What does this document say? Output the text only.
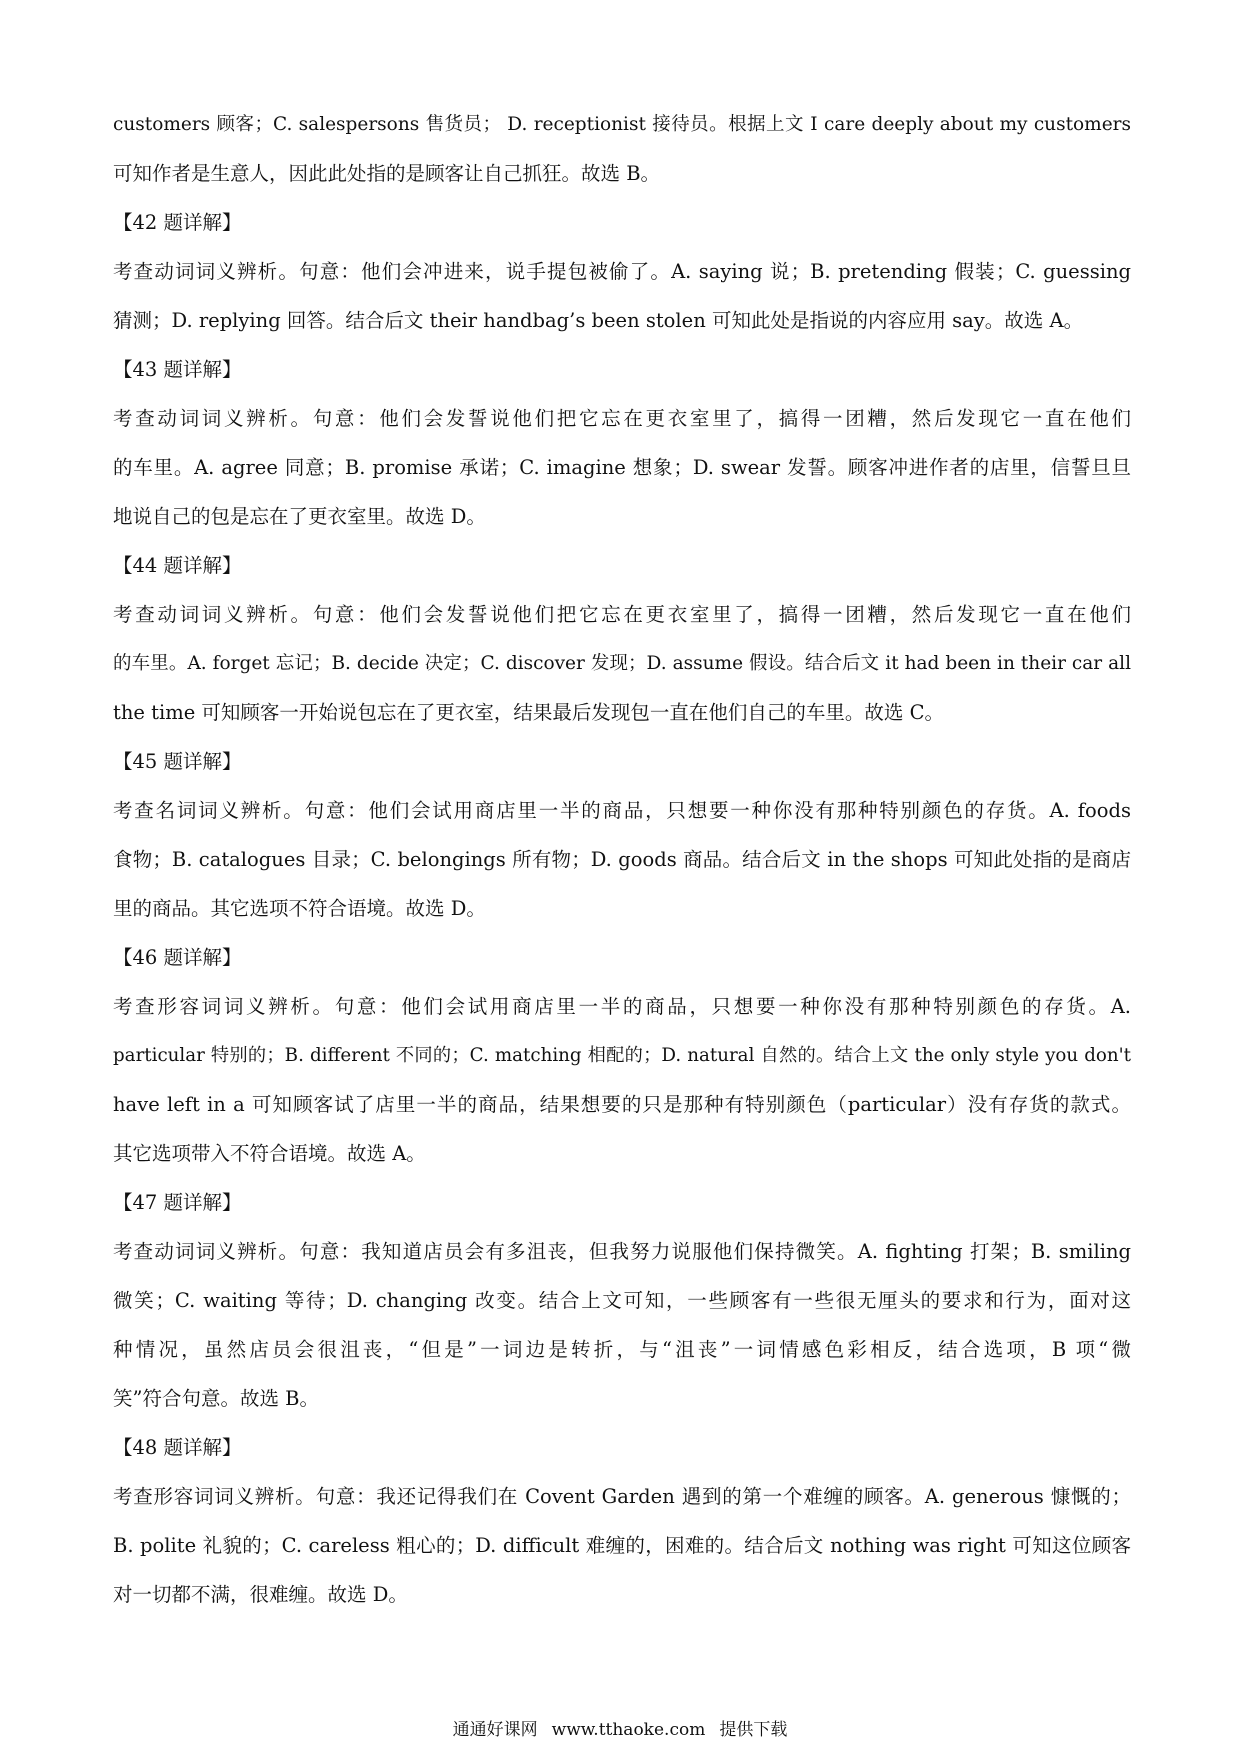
customers 顾客；C. salespersons 售货员； D. receptionist 接待员。根据上文 I care deeply about my customers
可知作者是生意人，因此此处指的是顾客让自己抓狂。故选 B。
【42 题详解】
考查动词词义辨析。句意：他们会冲进来，说手提包被偷了。A. saying 说；B. pretending 假装；C. guessing
猜测；D. replying 回答。结合后文 their handbag’s been stolen 可知此处是指说的内容应用 say。故选 A。
【43 题详解】
考查动词词义辨析。句意：他们会发誓说他们把它忘在更衣室里了，搞得一团糟，然后发现它一直在他们
的车里。A. agree 同意；B. promise 承诺；C. imagine 想象；D. swear 发誓。顾客冲进作者的店里，信誓旦旦
地说自己的包是忘在了更衣室里。故选 D。
【44 题详解】
考查动词词义辨析。句意：他们会发誓说他们把它忘在更衣室里了，搞得一团糟，然后发现它一直在他们
的车里。A. forget 忘记；B. decide 决定；C. discover 发现；D. assume 假设。结合后文 it had been in their car all
the time 可知顾客一开始说包忘在了更衣室，结果最后发现包一直在他们自己的车里。故选 C。
【45 题详解】
考查名词词义辨析。句意：他们会试用商店里一半的商品，只想要一种你没有那种特别颜色的存货。A. foods
食物；B. catalogues 目录；C. belongings 所有物；D. goods 商品。结合后文 in the shops 可知此处指的是商店
里的商品。其它选项不符合语境。故选 D。
【46 题详解】
考查形容词词义辨析。句意：他们会试用商店里一半的商品，只想要一种你没有那种特别颜色的存货。A.
particular 特别的；B. different 不同的；C. matching 相配的；D. natural 自然的。结合上文 the only style you don't
have left in a 可知顾客试了店里一半的商品，结果想要的只是那种有特别颜色（particular）没有存货的款式。
其它选项带入不符合语境。故选 A。
【47 题详解】
考查动词词义辨析。句意：我知道店员会有多沮丧，但我努力说服他们保持微笑。A. fighting 打架；B. smiling
微笑；C. waiting 等待；D. changing 改变。结合上文可知，一些顾客有一些很无厘头的要求和行为，面对这
种情况，虽然店员会很沮丧，“但是”一词边是转折，与“沮丧”一词情感色彩相反，结合选项，B 项“微
笑”符合句意。故选 B。
【48 题详解】
考查形容词词义辨析。句意：我还记得我们在 Covent Garden 遇到的第一个难缠的顾客。A. generous 慷慨的；
B. polite 礼貌的；C. careless 粗心的；D. difficult 难缠的，困难的。结合后文 nothing was right 可知这位顾客
对一切都不满，很难缠。故选 D。
通通好课网 www.tthaoke.com 提供下载
